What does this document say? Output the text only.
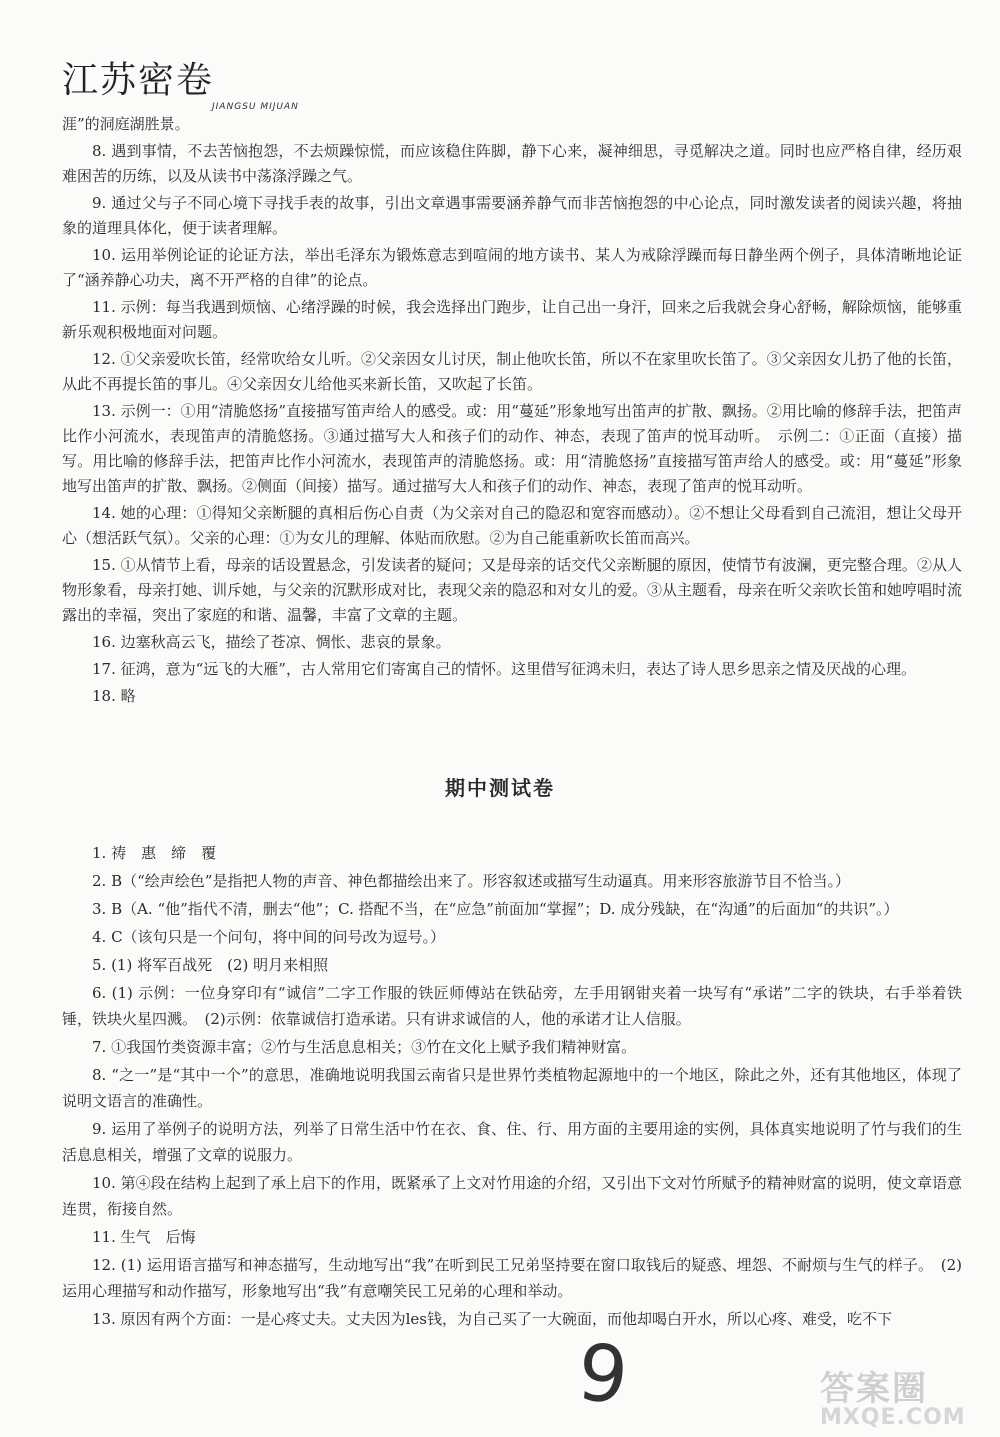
江苏密卷
JIANGSU MIJUAN

涯”的洞庭湖胜景。

8. 遇到事情，不去苦恼抱怨，不去烦躁惊慌，而应该稳住阵脚，静下心来，凝神细思，寻觅解决之道。同时也应严格自律，经历艰难困苦的历练，以及从读书中荡涤浮躁之气。

9. 通过父与子不同心境下寻找手表的故事，引出文章遇事需要涵养静气而非苦恼抱怨的中心论点，同时激发读者的阅读兴趣，将抽象的道理具体化，便于读者理解。

10. 运用举例论证的论证方法，举出毛泽东为锻炼意志到喧闹的地方读书、某人为戒除浮躁而每日静坐两个例子，具体清晰地论证了“涵养静心功夫，离不开严格的自律”的论点。

11. 示例：每当我遇到烦恼、心绪浮躁的时候，我会选择出门跑步，让自己出一身汗，回来之后我就会身心舒畅，解除烦恼，能够重新乐观积极地面对问题。

12. ①父亲爱吹长笛，经常吹给女儿听。②父亲因女儿讨厌，制止他吹长笛，所以不在家里吹长笛了。③父亲因女儿扔了他的长笛，从此不再提长笛的事儿。④父亲因女儿给他买来新长笛，又吹起了长笛。

13. 示例一：①用“清脆悠扬”直接描写笛声给人的感受。或：用“蔓延”形象地写出笛声的扩散、飘扬。②用比喻的修辞手法，把笛声比作小河流水，表现笛声的清脆悠扬。③通过描写大人和孩子们的动作、神态，表现了笛声的悦耳动听。　示例二：①正面（直接）描写。用比喻的修辞手法，把笛声比作小河流水，表现笛声的清脆悠扬。或：用“清脆悠扬”直接描写笛声给人的感受。或：用“蔓延”形象地写出笛声的扩散、飘扬。②侧面（间接）描写。通过描写大人和孩子们的动作、神态，表现了笛声的悦耳动听。

14. 她的心理：①得知父亲断腿的真相后伤心自责（为父亲对自己的隐忍和宽容而感动）。②不想让父母看到自己流泪，想让父母开心（想活跃气氛）。父亲的心理：①为女儿的理解、体贴而欣慰。②为自己能重新吹长笛而高兴。

15. ①从情节上看，母亲的话设置悬念，引发读者的疑问；又是母亲的话交代父亲断腿的原因，使情节有波澜，更完整合理。②从人物形象看，母亲打她、训斥她，与父亲的沉默形成对比，表现父亲的隐忍和对女儿的爱。③从主题看，母亲在听父亲吹长笛和她哼唱时流露出的幸福，突出了家庭的和谐、温馨，丰富了文章的主题。

16. 边塞秋高云飞，描绘了苍凉、惆怅、悲哀的景象。

17. 征鸿，意为“远飞的大雁”，古人常用它们寄寓自己的情怀。这里借写征鸿未归，表达了诗人思乡思亲之情及厌战的心理。

18. 略

期中测试卷

1. 祷　惠　缔　覆

2. B（“绘声绘色”是指把人物的声音、神色都描绘出来了。形容叙述或描写生动逼真。用来形容旅游节目不恰当。）

3. B（A. “他”指代不清，删去“他”；C. 搭配不当，在“应急”前面加“掌握”；D. 成分残缺，在“沟通”的后面加“的共识”。）

4. C（该句只是一个问句，将中间的问号改为逗号。）

5. (1) 将军百战死　(2) 明月来相照

6. (1) 示例：一位身穿印有“诚信”二字工作服的铁匠师傅站在铁砧旁，左手用钢钳夹着一块写有“承诺”二字的铁块，右手举着铁锤，铁块火星四溅。　(2)示例：依靠诚信打造承诺。只有讲求诚信的人，他的承诺才让人信服。

7. ①我国竹类资源丰富；②竹与生活息息相关；③竹在文化上赋予我们精神财富。

8. “之一”是“其中一个”的意思，准确地说明我国云南省只是世界竹类植物起源地中的一个地区，除此之外，还有其他地区，体现了说明文语言的准确性。

9. 运用了举例子的说明方法，列举了日常生活中竹在衣、食、住、行、用方面的主要用途的实例，具体真实地说明了竹与我们的生活息息相关，增强了文章的说服力。

10. 第④段在结构上起到了承上启下的作用，既紧承了上文对竹用途的介绍，又引出下文对竹所赋予的精神财富的说明，使文章语意连贯，衔接自然。

11. 生气　后悔

12. (1) 运用语言描写和神态描写，生动地写出“我”在听到民工兄弟坚持要在窗口取钱后的疑惑、埋怨、不耐烦与生气的样子。　(2) 运用心理描写和动作描写，形象地写出“我”有意嘲笑民工兄弟的心理和举动。

13. 原因有两个方面：一是心疼丈夫。丈夫因为les钱，为自己买了一大碗面，而他却喝白开水，所以心疼、难受，吃不下

9	答案圈
MXQE.COM
